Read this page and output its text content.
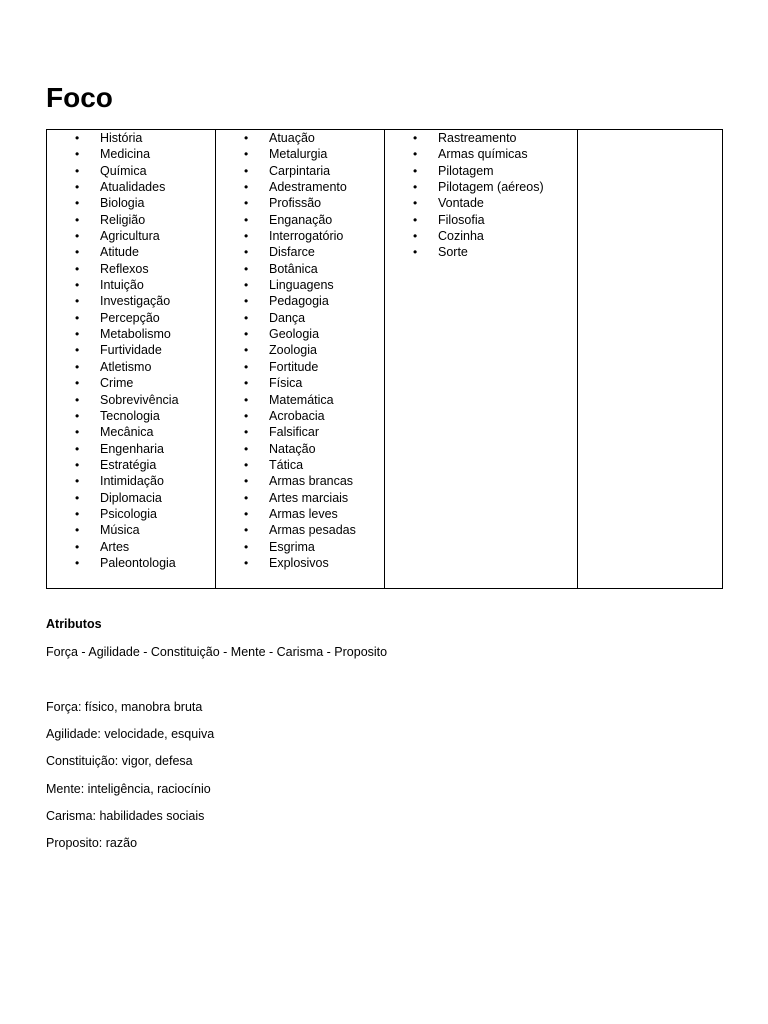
Foco
• História
• Medicina
• Química
• Atualidades
• Biologia
• Religião
• Agricultura
• Atitude
• Reflexos
• Intuição
• Investigação
• Percepção
• Metabolismo
• Furtividade
• Atletismo
• Crime
• Sobrevivência
• Tecnologia
• Mecânica
• Engenharia
• Estratégia
• Intimidação
• Diplomacia
• Psicologia
• Música
• Artes
• Paleontologia

• Atuação
• Metalurgia
• Carpintaria
• Adestramento
• Profissão
• Enganação
• Interrogatório
• Disfarce
• Botânica
• Linguagens
• Pedagogia
• Dança
• Geologia
• Zoologia
• Fortitude
• Física
• Matemática
• Acrobacia
• Falsificar
• Natação
• Tática
• Armas brancas
• Artes marciais
• Armas leves
• Armas pesadas
• Esgrima
• Explosivos

• Rastreamento
• Armas químicas
• Pilotagem
• Pilotagem (aéreos)
• Vontade
• Filosofia
• Cozinha
• Sorte

Atributos

Força - Agilidade - Constituição - Mente - Carisma - Proposito

Força: físico, manobra bruta

Agilidade: velocidade, esquiva

Constituição: vigor, defesa

Mente: inteligência, raciocínio

Carisma: habilidades sociais

Proposito: razão
